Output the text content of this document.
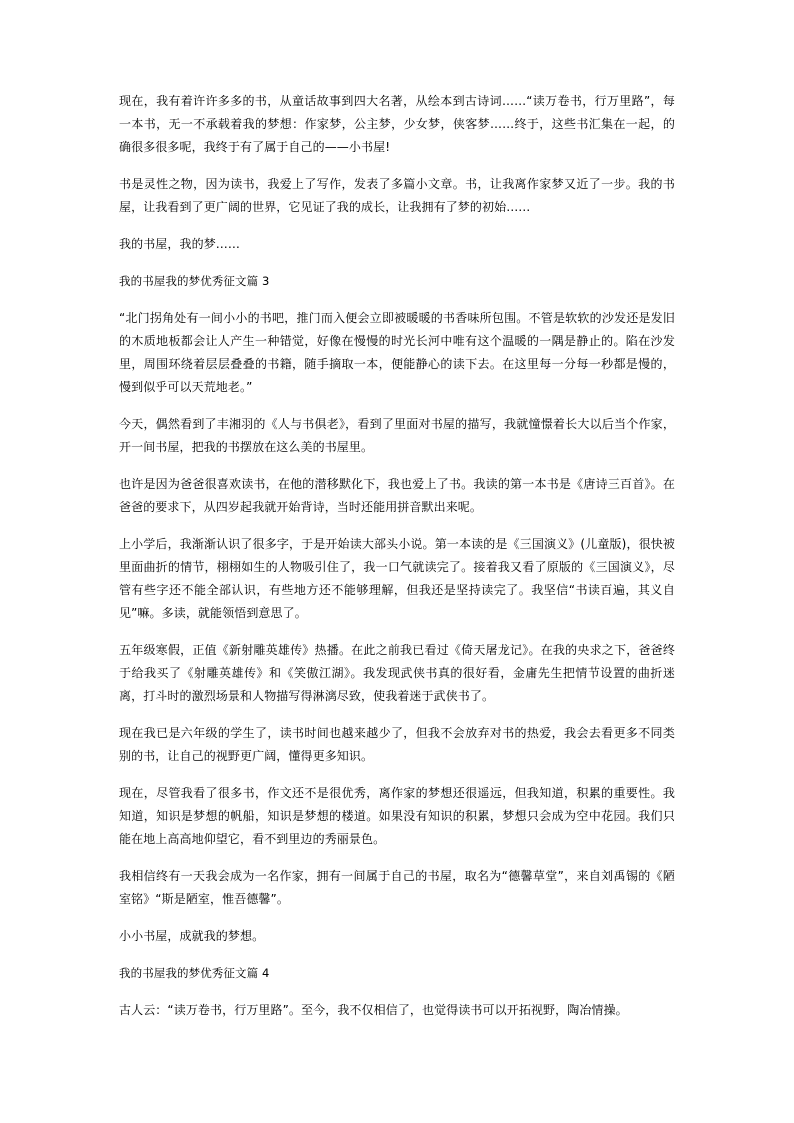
现在，我有着许许多多的书，从童话故事到四大名著，从绘本到古诗词……“读万卷书，行万里路”，每一本书，无一不承载着我的梦想：作家梦，公主梦，少女梦，侠客梦……终于，这些书汇集在一起，的确很多很多呢，我终于有了属于自己的——小书屋!

书是灵性之物，因为读书，我爱上了写作，发表了多篇小文章。书，让我离作家梦又近了一步。我的书屋，让我看到了更广阔的世界，它见证了我的成长，让我拥有了梦的初始……

我的书屋，我的梦……

我的书屋我的梦优秀征文篇 3

“北门拐角处有一间小小的书吧，推门而入便会立即被暖暖的书香味所包围。不管是软软的沙发还是发旧的木质地板都会让人产生一种错觉，好像在慢慢的时光长河中唯有这个温暖的一隅是静止的。陷在沙发里，周围环绕着层层叠叠的书籍，随手摘取一本，便能静心的读下去。在这里每一分每一秒都是慢的，慢到似乎可以天荒地老。”

今天，偶然看到了丰湘羽的《人与书俱老》，看到了里面对书屋的描写，我就憧憬着长大以后当个作家，开一间书屋，把我的书摆放在这么美的书屋里。

也许是因为爸爸很喜欢读书，在他的潜移默化下，我也爱上了书。我读的第一本书是《唐诗三百首》。在爸爸的要求下，从四岁起我就开始背诗，当时还能用拼音默出来呢。

上小学后，我渐渐认识了很多字，于是开始读大部头小说。第一本读的是《三国演义》(儿童版)，很快被里面曲折的情节，栩栩如生的人物吸引住了，我一口气就读完了。接着我又看了原版的《三国演义》，尽管有些字还不能全部认识，有些地方还不能够理解，但我还是坚持读完了。我坚信“书读百遍，其义自见”嘛。多读，就能领悟到意思了。

五年级寒假，正值《新射雕英雄传》热播。在此之前我已看过《倚天屠龙记》。在我的央求之下，爸爸终于给我买了《射雕英雄传》和《笑傲江湖》。我发现武侠书真的很好看，金庸先生把情节设置的曲折迷离，打斗时的激烈场景和人物描写得淋漓尽致，使我着迷于武侠书了。

现在我已是六年级的学生了，读书时间也越来越少了，但我不会放弃对书的热爱，我会去看更多不同类别的书，让自己的视野更广阔，懂得更多知识。

现在，尽管我看了很多书，作文还不是很优秀，离作家的梦想还很遥远，但我知道，积累的重要性。我知道，知识是梦想的帆船，知识是梦想的楼道。如果没有知识的积累，梦想只会成为空中花园。我们只能在地上高高地仰望它，看不到里边的秀丽景色。

我相信终有一天我会成为一名作家，拥有一间属于自己的书屋，取名为“德馨草堂”，来自刘禹锡的《陋室铭》“斯是陋室，惟吾德馨”。

小小书屋，成就我的梦想。

我的书屋我的梦优秀征文篇 4

古人云：“读万卷书，行万里路”。至今，我不仅相信了，也觉得读书可以开拓视野，陶冶情操。
